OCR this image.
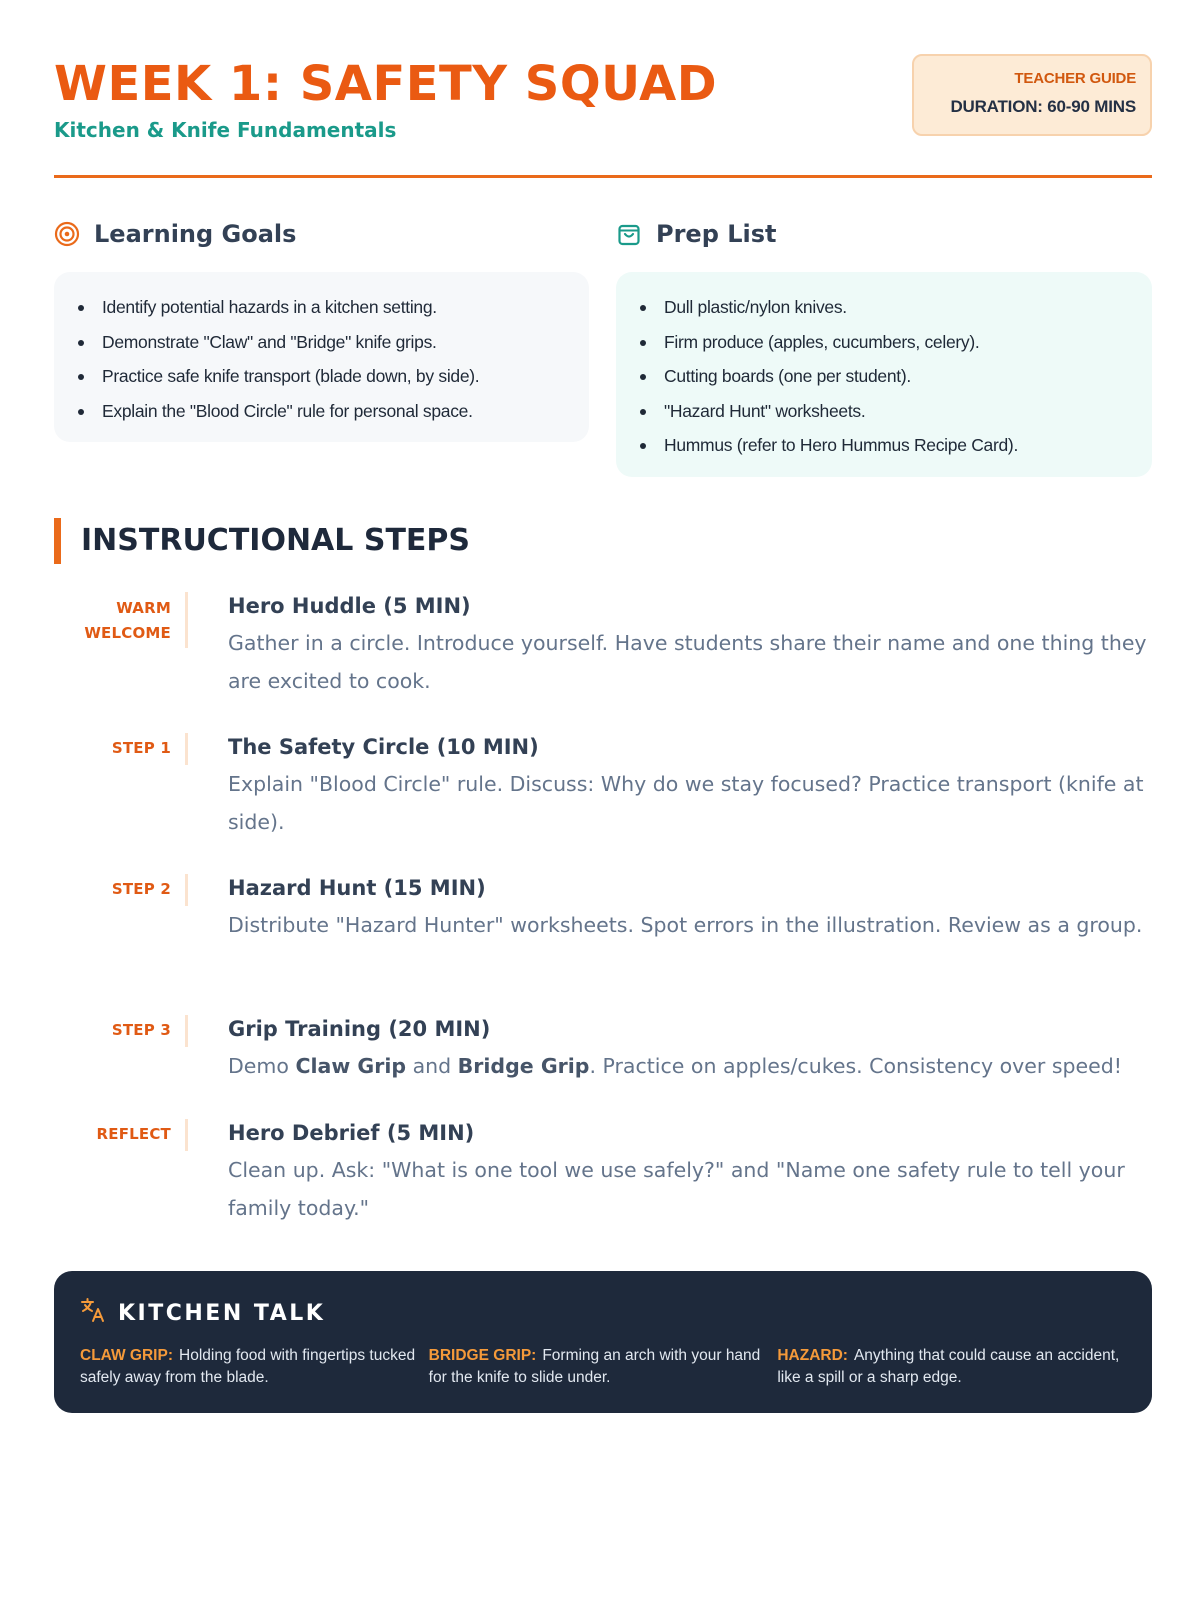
WEEK 1: SAFETY SQUAD
Kitchen & Knife Fundamentals
TEACHER GUIDE
DURATION: 60-90 MINS
Learning Goals
Identify potential hazards in a kitchen setting.
Demonstrate "Claw" and "Bridge" knife grips.
Practice safe knife transport (blade down, by side).
Explain the "Blood Circle" rule for personal space.
Prep List
Dull plastic/nylon knives.
Firm produce (apples, cucumbers, celery).
Cutting boards (one per student).
"Hazard Hunt" worksheets.
Hummus (refer to Hero Hummus Recipe Card).
INSTRUCTIONAL STEPS
WARM
WELCOME
Hero Huddle (5 MIN)
Gather in a circle. Introduce yourself. Have students share their name and one thing they are excited to cook.
STEP 1	The Safety Circle (10 MIN)
Explain "Blood Circle" rule. Discuss: Why do we stay focused? Practice transport (knife at side).
STEP 2	Hazard Hunt (15 MIN)
Distribute "Hazard Hunter" worksheets. Spot errors in the illustration. Review as a group.
STEP 3	Grip Training (20 MIN)
Demo Claw Grip and Bridge Grip. Practice on apples/cukes. Consistency over speed!
REFLECT	Hero Debrief (5 MIN)
Clean up. Ask: "What is one tool we use safely?" and "Name one safety rule to tell your family today."
KITCHEN TALK
CLAW GRIP: Holding food with fingertips tucked safely away from the blade.
BRIDGE GRIP: Forming an arch with your hand for the knife to slide under.
HAZARD: Anything that could cause an accident, like a spill or a sharp edge.
